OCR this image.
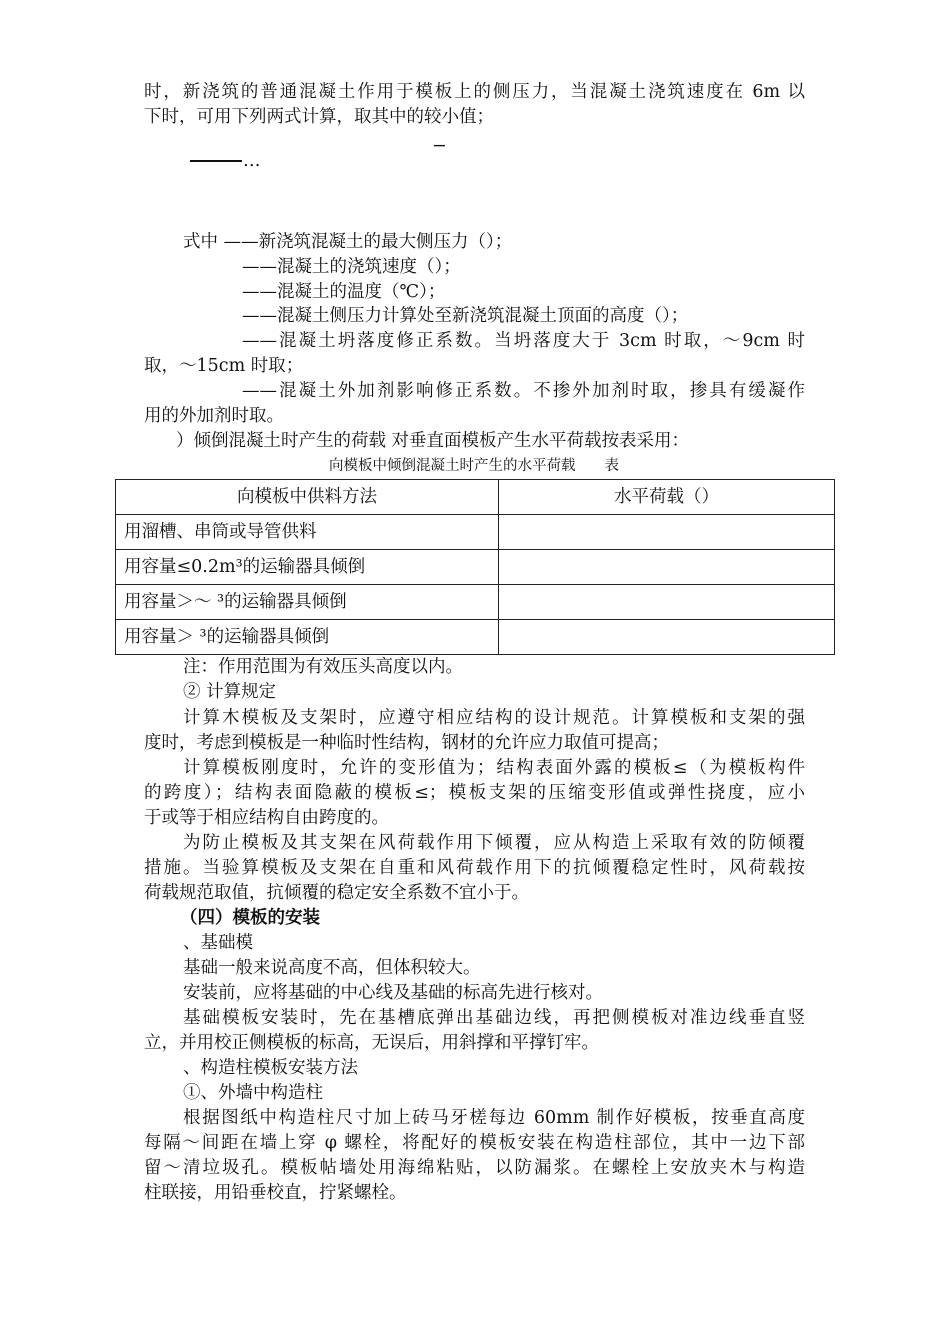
时，新浇筑的普通混凝土作用于模板上的侧压力，当混凝土浇筑速度在 6m 以
下时，可用下列两式计算，取其中的较小值；
−
…
式中 ——新浇筑混凝土的最大侧压力（）；
——混凝土的浇筑速度（）；
——混凝土的温度（℃）；
——混凝土侧压力计算处至新浇筑混凝土顶面的高度（）；
——混凝土坍落度修正系数。当坍落度大于 3cm 时取，～9cm 时
取，～15cm 时取；
——混凝土外加剂影响修正系数。不掺外加剂时取，掺具有缓凝作
用的外加剂时取。
）倾倒混凝土时产生的荷载 对垂直面模板产生水平荷载按表采用：
向模板中倾倒混凝土时产生的水平荷载　　表
向模板中供料方法	水平荷载（）
用溜槽、串筒或导管供料	
用容量≤0.2m³的运输器具倾倒	
用容量＞～ ³的运输器具倾倒	
用容量＞ ³的运输器具倾倒	
注：作用范围为有效压头高度以内。
② 计算规定
计算木模板及支架时，应遵守相应结构的设计规范。计算模板和支架的强
度时，考虑到模板是一种临时性结构，钢材的允许应力取值可提高；
计算模板刚度时，允许的变形值为；结构表面外露的模板≤（为模板构件
的跨度）；结构表面隐蔽的模板≤；模板支架的压缩变形值或弹性挠度，应小
于或等于相应结构自由跨度的。
为防止模板及其支架在风荷载作用下倾覆，应从构造上采取有效的防倾覆
措施。当验算模板及支架在自重和风荷载作用下的抗倾覆稳定性时，风荷载按
荷载规范取值，抗倾覆的稳定安全系数不宜小于。
（四）模板的安装
、基础模
基础一般来说高度不高，但体积较大。
安装前，应将基础的中心线及基础的标高先进行核对。
基础模板安装时，先在基槽底弹出基础边线，再把侧模板对准边线垂直竖
立，并用校正侧模板的标高，无误后，用斜撑和平撑钉牢。
、构造柱模板安装方法
①、外墙中构造柱
根据图纸中构造柱尺寸加上砖马牙槎每边 60mm 制作好模板，按垂直高度
每隔～间距在墙上穿 φ 螺栓，将配好的模板安装在构造柱部位，其中一边下部
留～清垃圾孔。模板帖墙处用海绵粘贴，以防漏浆。在螺栓上安放夹木与构造
柱联接，用铅垂校直，拧紧螺栓。
